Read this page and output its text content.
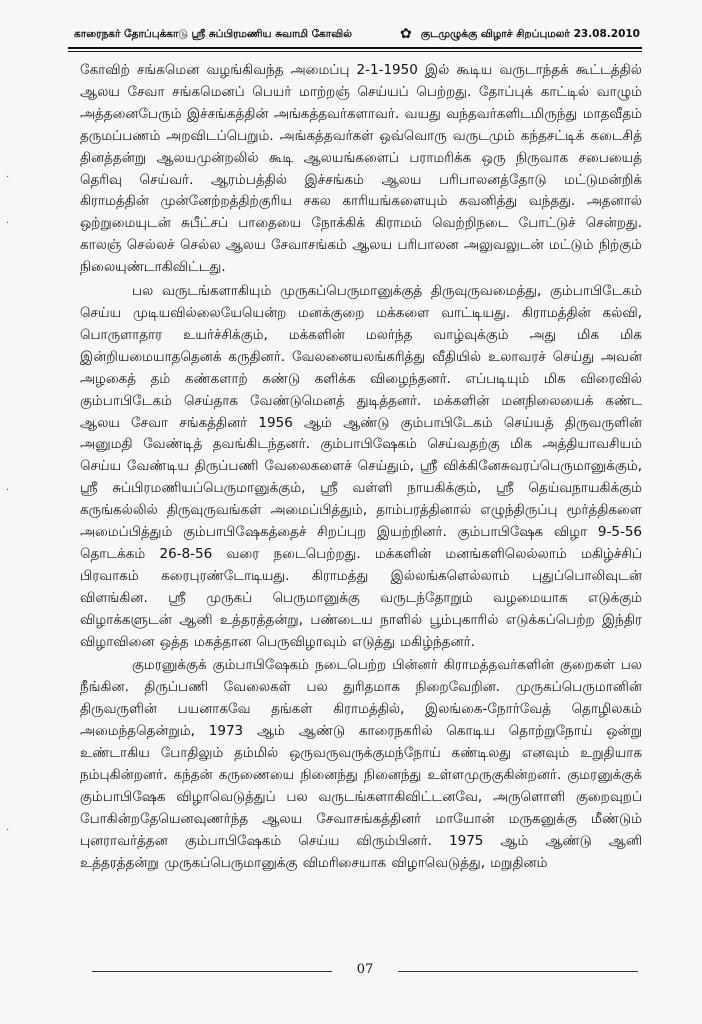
காரைநகர் தோப்புக்காடு ஸ்ரீ சுப்பிரமணிய சுவாமி கோவில்	✿ குடமுழுக்கு விழாச் சிறப்புமலர் 23.08.2010
·
·
·
·

கோவிற் சங்கமென வழங்கிவந்த அமைப்பு 2-1-1950 இல் கூடிய வருடாந்தக் கூட்டத்தில் ஆலய சேவா சங்கமெனப் பெயர் மாற்றஞ் செய்யப் பெற்றது. தோப்புக் காட்டில் வாழும் அத்தனைபேரும் இச்சங்கத்தின் அங்கத்தவர்களாவர். வயது வந்தவர்களிடமிருந்து மாதவீதம் தருமப்பணம் அறவிடப்பெறும். அங்கத்தவர்கள் ஒவ்வொரு வருடமும் கந்தசட்டிக் கடைசித் தினத்தன்று ஆலயமுன்றலில் கூடி ஆலயங்களைப் பராமரிக்க ஒரு நிருவாக சபையைத் தெரிவு செய்வர். ஆரம்பத்தில் இச்சங்கம் ஆலய பரிபாலனத்தோடு மட்டுமன்றிக் கிராமத்தின் முன்னேற்றத்திற்குரிய சகல காரியங்களையும் கவனித்து வந்தது. அதனால் ஒற்றுமையுடன் சுபீட்சப் பாதையை நோக்கிக் கிராமம் வெற்றிநடை போட்டுச் சென்றது. காலஞ் செல்லச் செல்ல ஆலய சேவாசங்கம் ஆலய பரிபாலன அலுவலுடன் மட்டும் நிற்கும் நிலையுண்டாகிவிட்டது.

பல வருடங்களாகியும் முருகப்பெருமானுக்குத் திருவுருவமைத்து, கும்பாபிடேகம் செய்ய முடியவில்லையேயென்ற மனக்குறை மக்களை வாட்டியது. கிராமத்தின் கல்வி, பொருளாதார உயர்ச்சிக்கும், மக்களின் மலர்ந்த வாழ்வுக்கும் அது மிக மிக இன்றியமையாததெனக் கருதினர். வேலனையலங்கரித்து வீதியில் உலாவரச் செய்து அவன் அழகைத் தம் கண்களாற் கண்டு களிக்க விழைந்தனர். எப்படியும் மிக விரைவில் கும்பாபிடேகம் செய்தாக வேண்டுமெனத் துடித்தனர். மக்களின் மனநிலையைக் கண்ட ஆலய சேவா சங்கத்தினர் 1956 ஆம் ஆண்டு கும்பாபிடேகம் செய்யத் திருவருளின் அனுமதி வேண்டித் தவங்கிடந்தனர். கும்பாபிஷேகம் செய்வதற்கு மிக அத்தியாவசியம் செய்ய வேண்டிய திருப்பணி வேலைகளைச் செய்தும், ஸ்ரீ விக்கினேசுவரப்பெருமானுக்கும், ஸ்ரீ சுப்பிரமணியப்பெருமானுக்கும், ஸ்ரீ வள்ளி நாயகிக்கும், ஸ்ரீ தெய்வநாயகிக்கும் கருங்கல்லில் திருவுருவங்கள் அமைப்பித்தும், தாம்பரத்தினால் எழுந்திருப்பு மூர்த்திகளை அமைப்பித்தும் கும்பாபிஷேகத்தைச் சிறப்புற இயற்றினர். கும்பாபிஷேக விழா 9-5-56 தொடக்கம் 26-8-56 வரை நடைபெற்றது. மக்களின் மனங்களிலெல்லாம் மகிழ்ச்சிப் பிரவாகம் கரைபுரண்டோடியது. கிராமத்து இல்லங்களெல்லாம் புதுப்பொலிவுடன் விளங்கின. ஸ்ரீ முருகப் பெருமானுக்கு வருடந்தோறும் வழமையாக எடுக்கும் விழாக்களுடன் ஆனி உத்தரத்தன்று, பண்டைய நாளில் பூம்புகாரில் எடுக்கப்பெற்ற இந்திர விழாவினை ஒத்த மகத்தான பெருவிழாவும் எடுத்து மகிழ்ந்தனர்.

குமரனுக்குக் கும்பாபிஷேகம் நடைபெற்ற பின்னர் கிராமத்தவர்களின் குறைகள் பல நீங்கின. திருப்பணி வேலைகள் பல துரிதமாக நிறைவேறின. முருகப்பெருமானின் திருவருளின் பயனாகவே தங்கள் கிராமத்தில், இலங்கை-நோர்வேத் தொழிலகம் அமைந்ததென்றும், 1973 ஆம் ஆண்டு காரைநகரில் கொடிய தொற்றுநோய் ஒன்று உண்டாகிய போதிலும் தம்மில் ஒருவருவருக்குமந்நோய் கண்டிலது எனவும் உறுதியாக நம்புகின்றனர். கந்தன் கருணையை நினைந்து நினைந்து உள்ளமுருகுகின்றனர். குமரனுக்குக் கும்பாபிஷேக விழாவெடுத்துப் பல வருடங்களாகிவிட்டனவே, அருளொளி குறைவுறப் போகின்றதேயெனவுணர்ந்த ஆலய சேவாசங்கத்தினர் மாயோன் மருகனுக்கு மீண்டும் புனராவர்த்தன கும்பாபிஷேகம் செய்ய விரும்பினர். 1975 ஆம் ஆண்டு ஆனி உத்தரத்தன்று முருகப்பெருமானுக்கு விமரிசையாக விழாவெடுத்து, மறுதினம்

07
